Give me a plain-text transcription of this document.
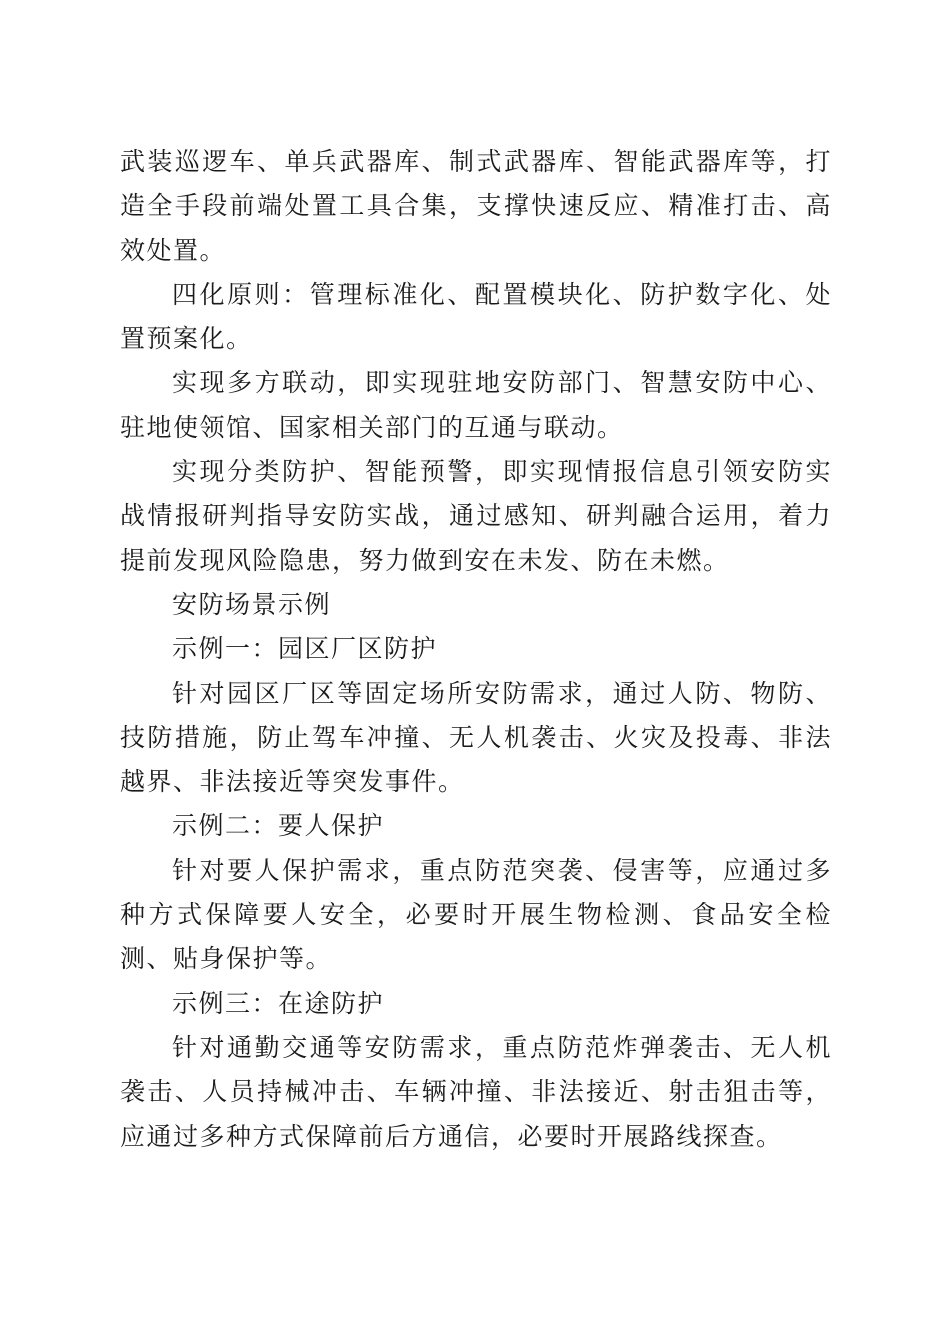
武装巡逻车、单兵武器库、制式武器库、智能武器库等，打造全手段前端处置工具合集，支撑快速反应、精准打击、高效处置。

四化原则：管理标准化、配置模块化、防护数字化、处置预案化。

实现多方联动，即实现驻地安防部门、智慧安防中心、驻地使领馆、国家相关部门的互通与联动。

实现分类防护、智能预警，即实现情报信息引领安防实战情报研判指导安防实战，通过感知、研判融合运用，着力提前发现风险隐患，努力做到安在未发、防在未燃。

安防场景示例

示例一：园区厂区防护

针对园区厂区等固定场所安防需求，通过人防、物防、技防措施，防止驾车冲撞、无人机袭击、火灾及投毒、非法越界、非法接近等突发事件。

示例二：要人保护

针对要人保护需求，重点防范突袭、侵害等，应通过多种方式保障要人安全，必要时开展生物检测、食品安全检测、贴身保护等。

示例三：在途防护

针对通勤交通等安防需求，重点防范炸弹袭击、无人机袭击、人员持械冲击、车辆冲撞、非法接近、射击狙击等，应通过多种方式保障前后方通信，必要时开展路线探查。
